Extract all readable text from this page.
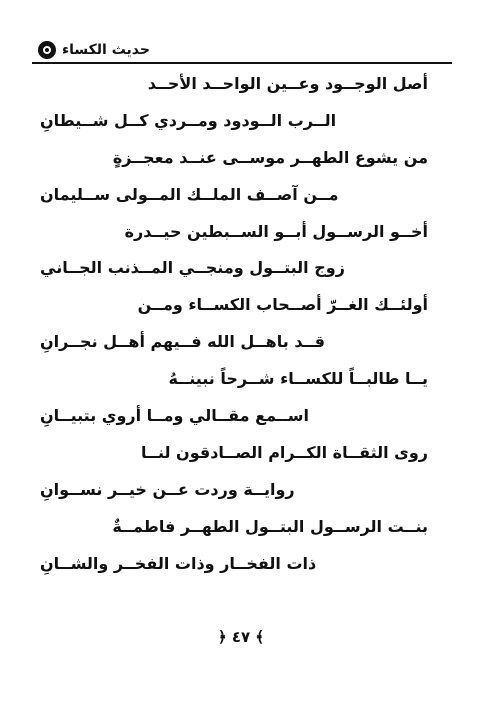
حديث الكساء
أصل الوجــود وعــين الواحــد الأحــد
الــرب الــودود ومــردي كــل شــيطانِ
من يشوع الطهــر موســى عنــد معجــزةٍ
مــن آصــف الملــك المــولى ســليمان
أخــو الرســول أبــو الســبطين حيــدرة
زوج البتــول ومنجــي المــذنب الجــاني
أولئــك الغــرّ أصــحاب الكســاء ومــن
قــد باهــل الله فــيهم أهــل نجــرانِ
يــا طالبــاً للكســاء شــرحاً نبينــهُ
اســمع مقــالي ومــا أروي بتبيــانِ
روى الثقــاة الكــرام الصــادقون لنــا
روايــة وردت عــن خيــر نســوانِ
بنــت الرســول البتــول الطهــر فاطمــةٌ
ذات الفخــار وذات الفخــر والشــانِ
﴿ ٤٧ ﴾
